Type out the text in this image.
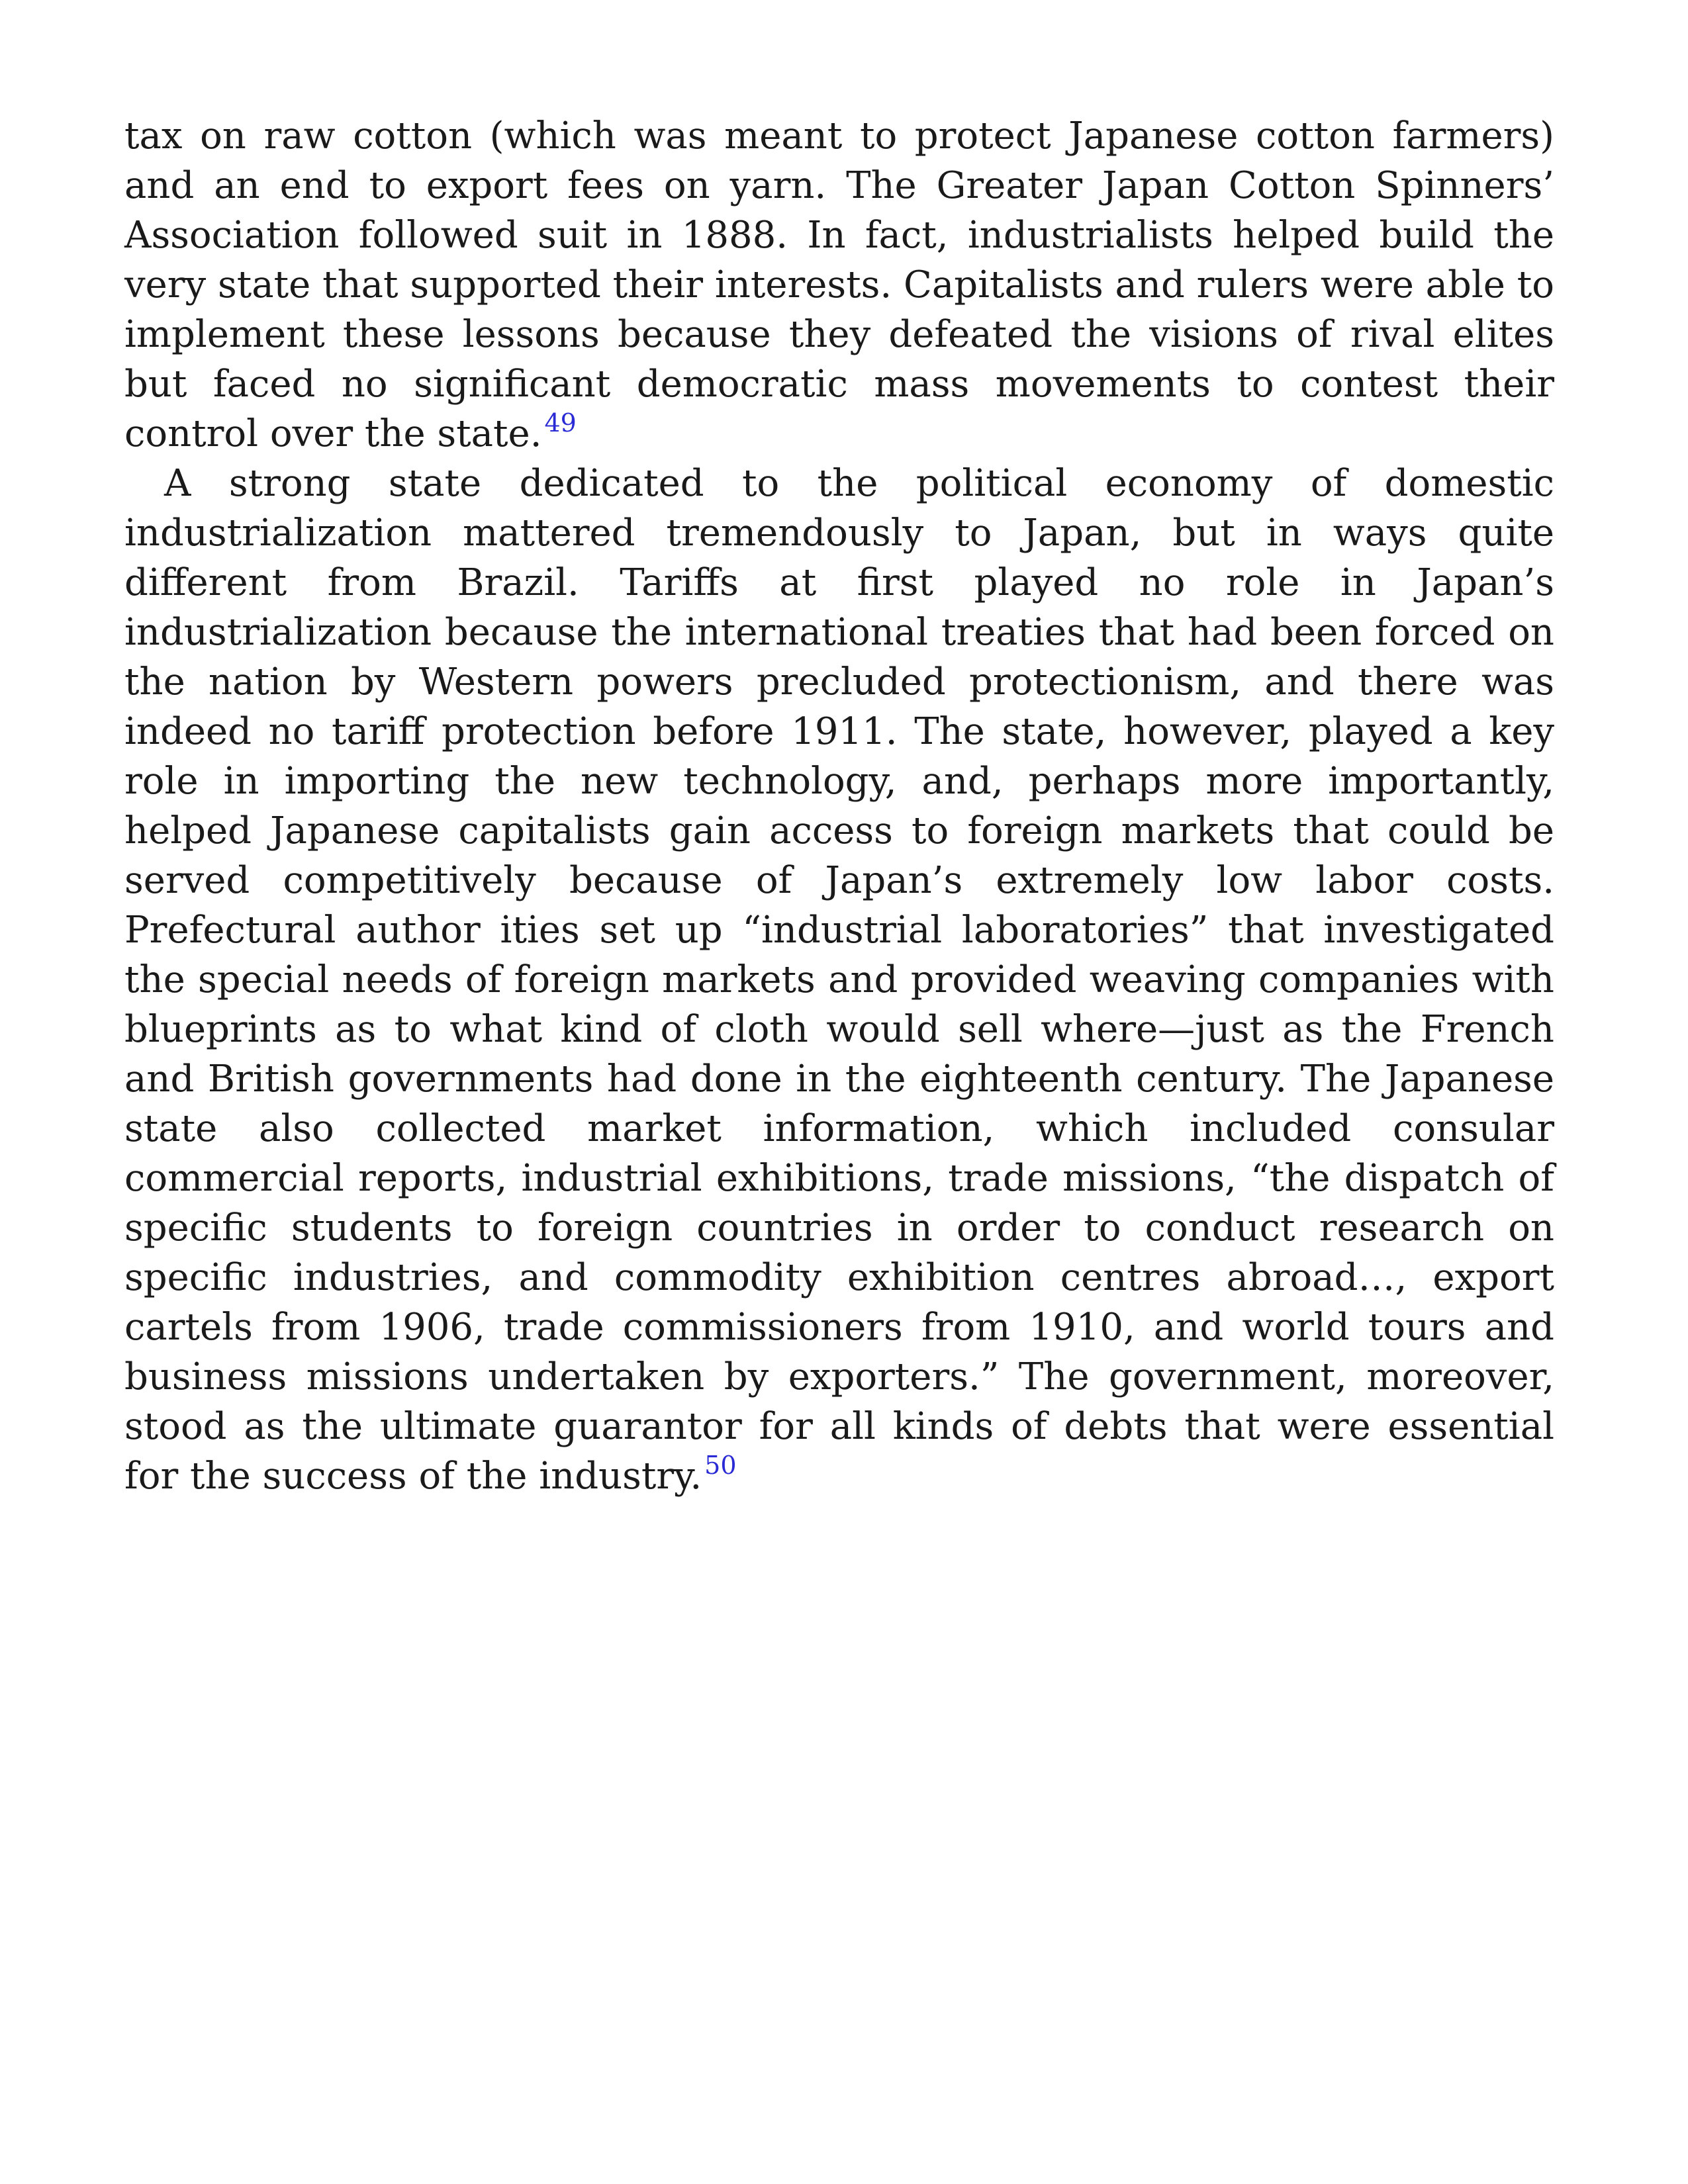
tax on raw cotton (which was meant to protect Japanese cotton farmers) and an end to export fees on yarn. The Greater Japan Cotton Spinners’ Association followed suit in 1888. In fact, industrialists helped build the very state that supported their interests. Capitalists and rulers were able to implement these lessons because they defeated the visions of rival elites but faced no significant democratic mass movements to contest their control over the state. $^{49}$

A strong state dedicated to the political economy of domestic industrialization mattered tremendously to Japan, but in ways quite different from Brazil. Tariffs at first played no role in Japan’s industrialization because the international treaties that had been forced on the nation by Western powers precluded protectionism, and there was indeed no tariff protection before 1911. The state, however, played a key role in importing the new technology, and, perhaps more importantly, helped Japanese capitalists gain access to foreign markets that could be served competitively because of Japan’s extremely low labor costs. Prefectural author ities set up “industrial laboratories” that investigated the special needs of foreign markets and provided weaving companies with blueprints as to what kind of cloth would sell where—just as the French and British governments had done in the eighteenth century. The Japanese state also collected market information, which included consular commercial reports, industrial exhibitions, trade missions, “the dispatch of specific students to foreign countries in order to conduct research on specific industries, and commodity exhibition centres abroad…, export cartels from 1906, trade commissioners from 1910, and world tours and business missions undertaken by exporters.” The government, moreover, stood as the ultimate guarantor for all kinds of debts that were essential for the success of the industry. $^{50}$
